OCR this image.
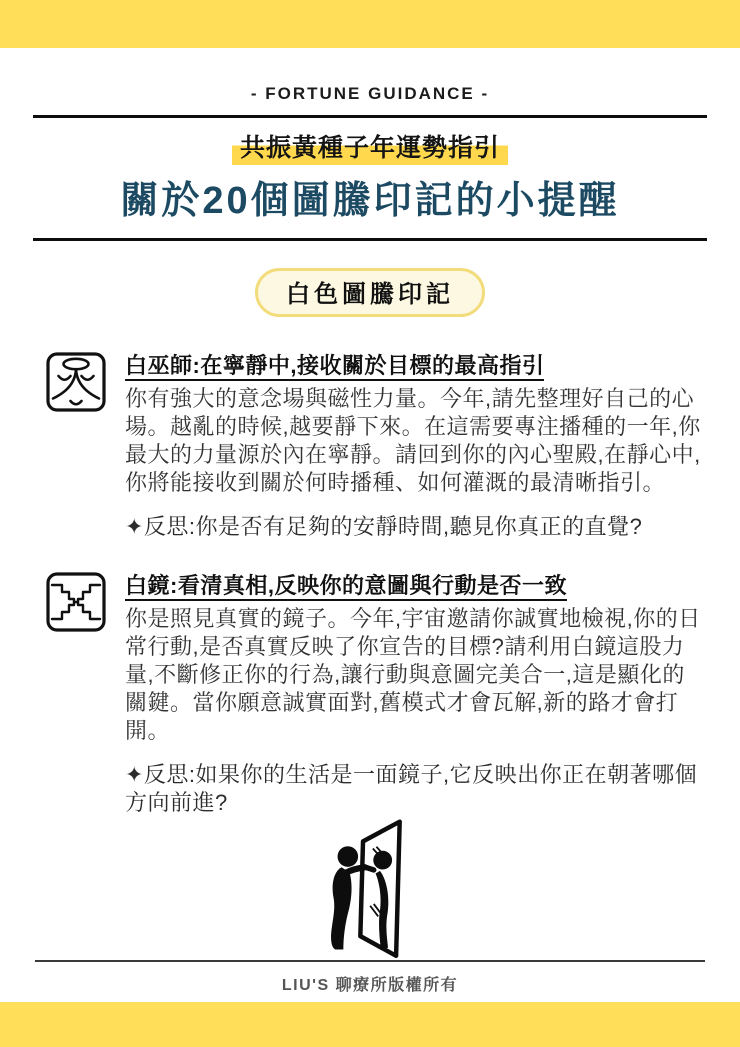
- FORTUNE GUIDANCE -
共振黃種子年運勢指引
關於20個圖騰印記的小提醒
白色圖騰印記
白巫師:在寧靜中,接收關於目標的最高指引
你有強大的意念場與磁性力量。今年,請先整理好自己的心場。越亂的時候,越要靜下來。在這需要專注播種的一年,你最大的力量源於內在寧靜。請回到你的內心聖殿,在靜心中,你將能接收到關於何時播種、如何灌溉的最清晰指引。

✦反思:你是否有足夠的安靜時間,聽見你真正的直覺?

白鏡:看清真相,反映你的意圖與行動是否一致
你是照見真實的鏡子。今年,宇宙邀請你誠實地檢視,你的日常行動,是否真實反映了你宣告的目標?請利用白鏡這股力量,不斷修正你的行為,讓行動與意圖完美合一,這是顯化的關鍵。當你願意誠實面對,舊模式才會瓦解,新的路才會打開。

✦反思:如果你的生活是一面鏡子,它反映出你正在朝著哪個方向前進?

LIU'S 聊療所版權所有
